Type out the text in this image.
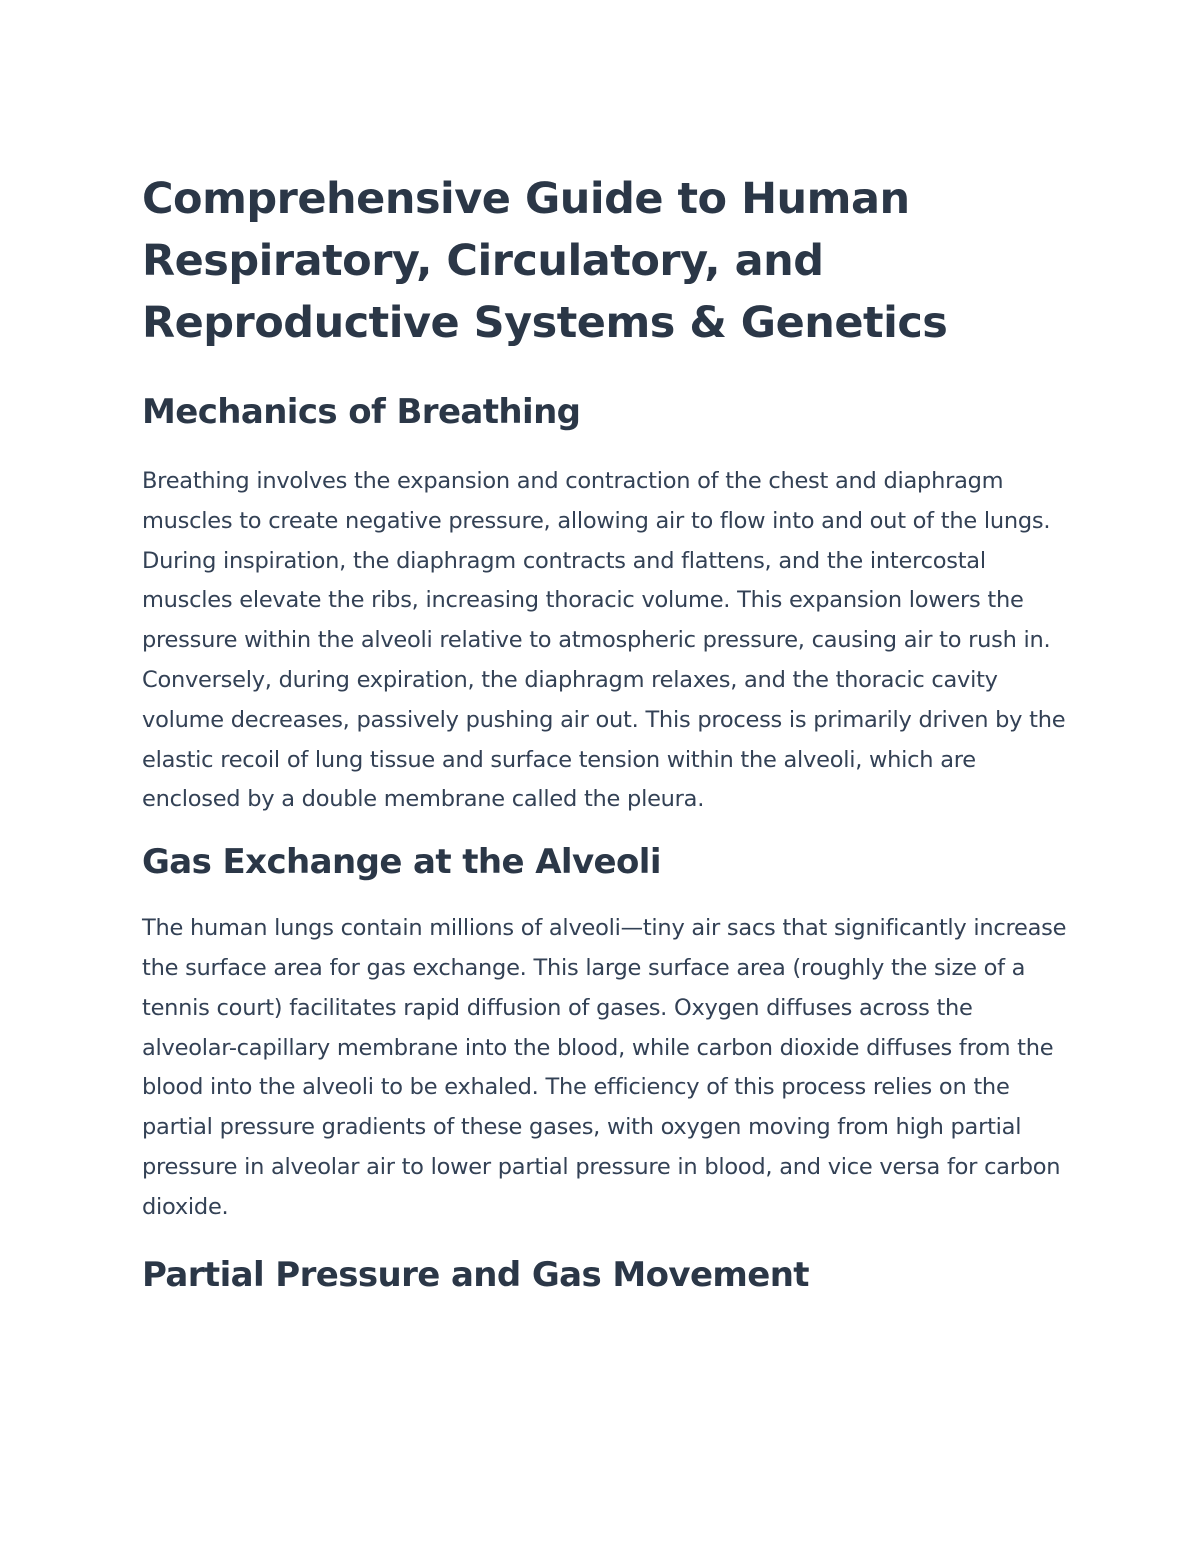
Comprehensive Guide to Human Respiratory, Circulatory, and Reproductive Systems & Genetics
Mechanics of Breathing

Breathing involves the expansion and contraction of the chest and diaphragm muscles to create negative pressure, allowing air to flow into and out of the lungs. During inspiration, the diaphragm contracts and flattens, and the intercostal muscles elevate the ribs, increasing thoracic volume. This expansion lowers the pressure within the alveoli relative to atmospheric pressure, causing air to rush in. Conversely, during expiration, the diaphragm relaxes, and the thoracic cavity volume decreases, passively pushing air out. This process is primarily driven by the elastic recoil of lung tissue and surface tension within the alveoli, which are enclosed by a double membrane called the pleura.

Gas Exchange at the Alveoli

The human lungs contain millions of alveoli—tiny air sacs that significantly increase the surface area for gas exchange. This large surface area (roughly the size of a tennis court) facilitates rapid diffusion of gases. Oxygen diffuses across the alveolar-capillary membrane into the blood, while carbon dioxide diffuses from the blood into the alveoli to be exhaled. The efficiency of this process relies on the partial pressure gradients of these gases, with oxygen moving from high partial pressure in alveolar air to lower partial pressure in blood, and vice versa for carbon dioxide.

Partial Pressure and Gas Movement
